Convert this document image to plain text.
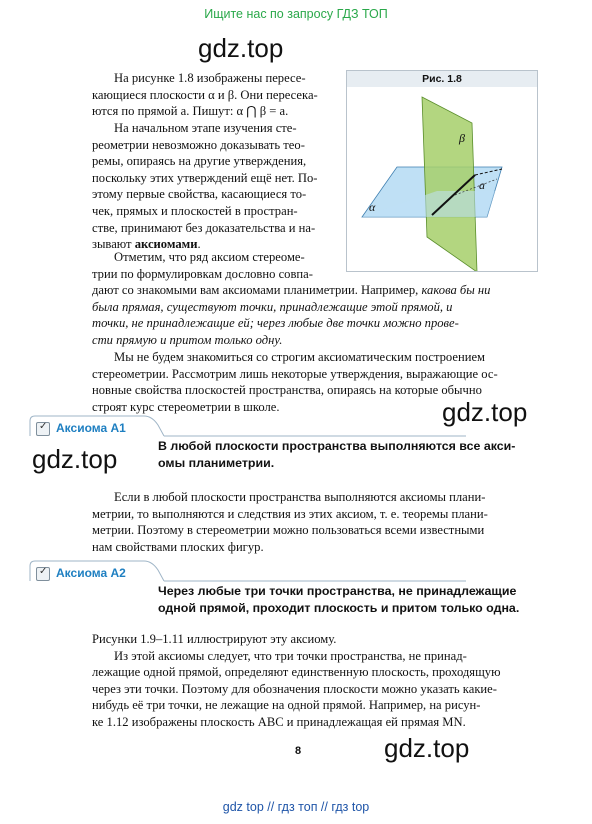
Ищите нас по запросу ГДЗ ТОП
gdz.top
gdz.top
gdz.top
gdz.top
Рис. 1.8
β
α
a
На рисунке 1.8 изображены пересе-
кающиеся плоскости α и β. Они пересека-
ются по прямой a. Пишут: α ⋂ β = a.
На начальном этапе изучения сте-
реометрии невозможно доказывать тео-
ремы, опираясь на другие утверждения,
поскольку этих утверждений ещё нет. По-
этому первые свойства, касающиеся то-
чек, прямых и плоскостей в простран-
стве, принимают без доказательства и на-
зывают аксиомами.
Отметим, что ряд аксиом стереоме-
трии по формулировкам дословно совпа-
дают со знакомыми вам аксиомами планиметрии. Например, какова бы ни
была прямая, существуют точки, принадлежащие этой прямой, и
точки, не принадлежащие ей; через любые две точки можно прове-
сти прямую и притом только одну.
Мы не будем знакомиться со строгим аксиоматическим построением
стереометрии. Рассмотрим лишь некоторые утверждения, выражающие ос-
новные свойства плоскостей пространства, опираясь на которые обычно
строят курс стереометрии в школе.
✓ Аксиома А1
В любой плоскости пространства выполняются все акси-
омы планиметрии.
Если в любой плоскости пространства выполняются аксиомы плани-
метрии, то выполняются и следствия из этих аксиом, т. е. теоремы плани-
метрии. Поэтому в стереометрии можно пользоваться всеми известными
нам свойствами плоских фигур.
✓ Аксиома А2
Через любые три точки пространства, не принадлежащие
одной прямой, проходит плоскость и притом только одна.
Рисунки 1.9–1.11 иллюстрируют эту аксиому.
Из этой аксиомы следует, что три точки пространства, не принад-
лежащие одной прямой, определяют единственную плоскость, проходящую
через эти точки. Поэтому для обозначения плоскости можно указать какие-
нибудь её три точки, не лежащие на одной прямой. Например, на рисун-
ке 1.12 изображены плоскость ABC и принадлежащая ей прямая MN.
8
gdz top // гдз топ // гдз top
